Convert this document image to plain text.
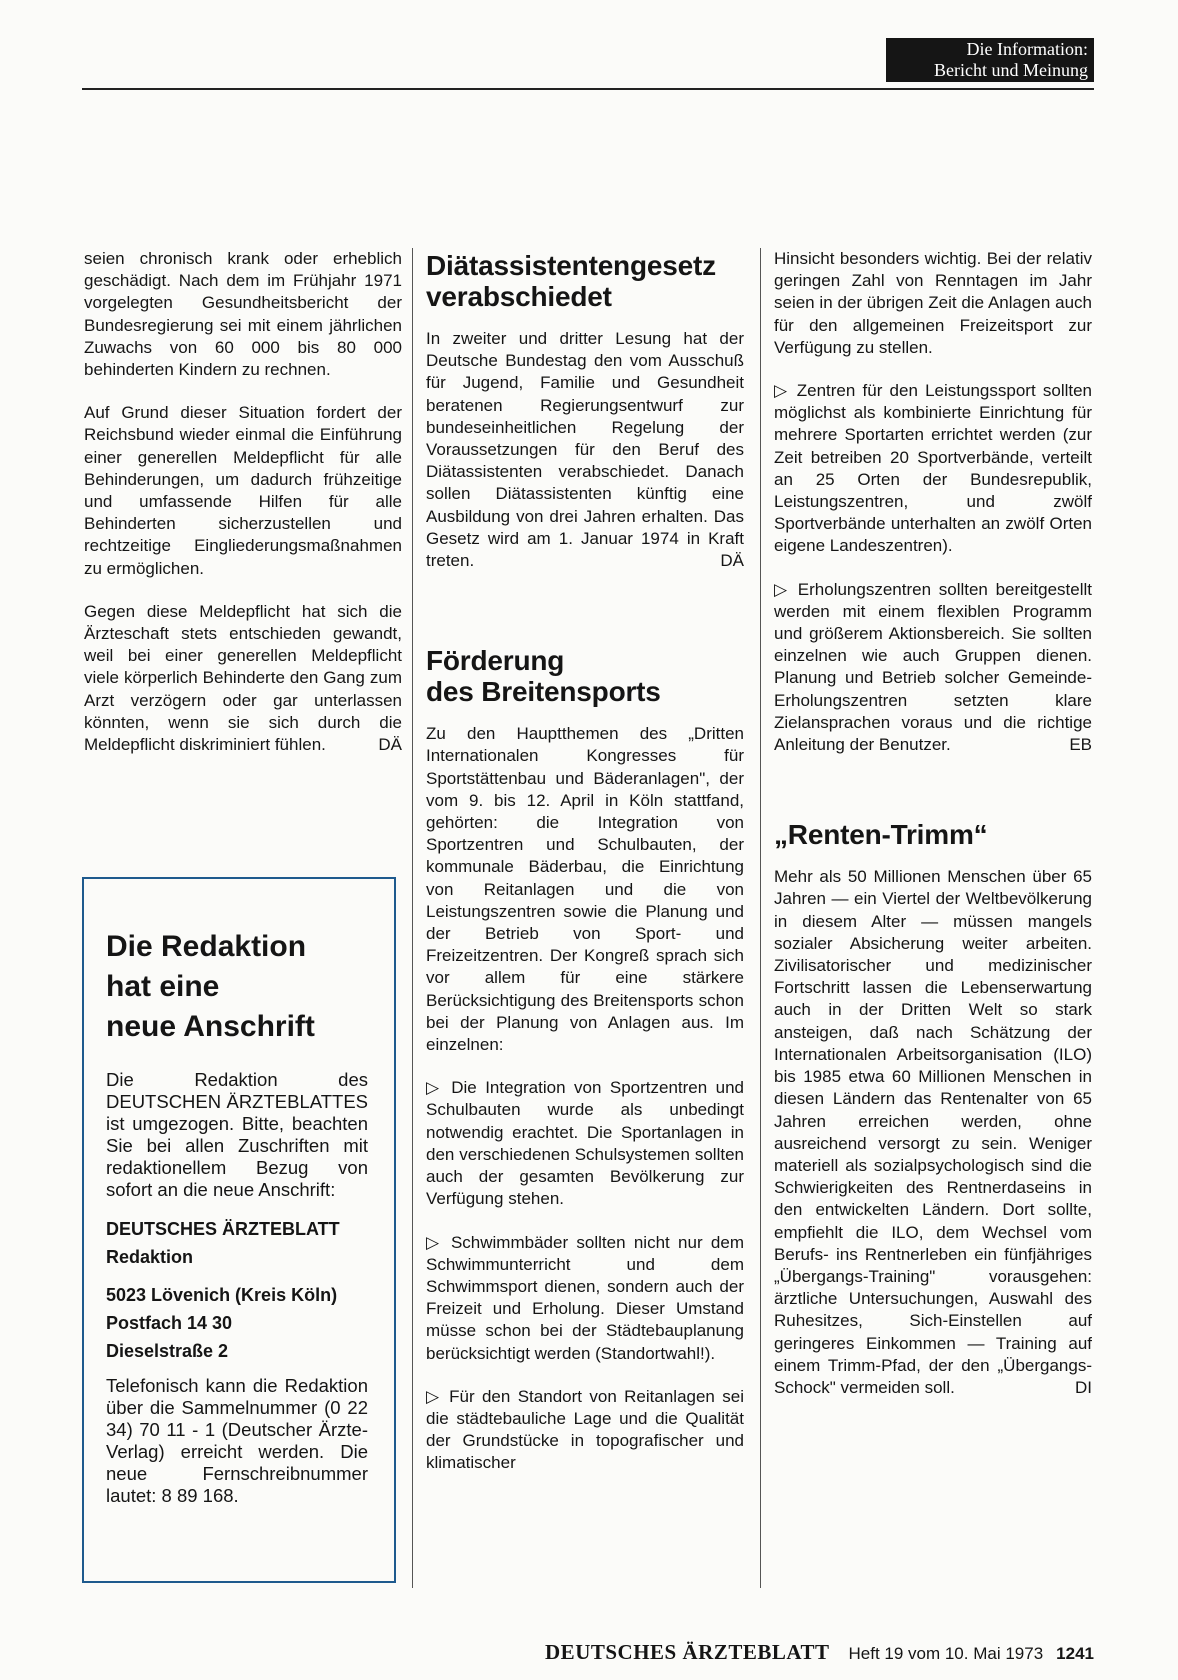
Die Information:
Bericht und Meinung

seien chronisch krank oder erheblich geschädigt. Nach dem im Frühjahr 1971 vorgelegten Gesundheitsbericht der Bundesregierung sei mit einem jährlichen Zuwachs von 60 000 bis 80 000 behinderten Kindern zu rechnen.

Auf Grund dieser Situation fordert der Reichsbund wieder einmal die Einführung einer generellen Meldepflicht für alle Behinderungen, um dadurch frühzeitige und umfassende Hilfen für alle Behinderten sicherzustellen und rechtzeitige Eingliederungsmaßnahmen zu ermöglichen.

Gegen diese Meldepflicht hat sich die Ärzteschaft stets entschieden gewandt, weil bei einer generellen Meldepflicht viele körperlich Behinderte den Gang zum Arzt verzögern oder gar unterlassen könnten, wenn sie sich durch die Meldepflicht diskriminiert fühlen.	DÄ

Die Redaktion
hat eine
neue Anschrift

Die Redaktion des DEUTSCHEN ÄRZTEBLATTES ist umgezogen. Bitte, beachten Sie bei allen Zuschriften mit redaktionellem Bezug von sofort an die neue Anschrift:

DEUTSCHES ÄRZTEBLATT
Redaktion
5023 Lövenich (Kreis Köln)
Postfach 14 30
Dieselstraße 2

Telefonisch kann die Redaktion über die Sammelnummer (0 22 34) 70 11 - 1 (Deutscher Ärzte-Verlag) erreicht werden. Die neue Fernschreibnummer lautet: 8 89 168.

Diätassistentengesetz
verabschiedet

In zweiter und dritter Lesung hat der Deutsche Bundestag den vom Ausschuß für Jugend, Familie und Gesundheit beratenen Regierungsentwurf zur bundeseinheitlichen Regelung der Voraussetzungen für den Beruf des Diätassistenten verabschiedet. Danach sollen Diätassistenten künftig eine Ausbildung von drei Jahren erhalten. Das Gesetz wird am 1. Januar 1974 in Kraft treten.	DÄ

Förderung
des Breitensports

Zu den Hauptthemen des „Dritten Internationalen Kongresses für Sportstättenbau und Bäderanlagen", der vom 9. bis 12. April in Köln stattfand, gehörten: die Integration von Sportzentren und Schulbauten, der kommunale Bäderbau, die Einrichtung von Reitanlagen und die von Leistungszentren sowie die Planung und der Betrieb von Sport- und Freizeitzentren. Der Kongreß sprach sich vor allem für eine stärkere Berücksichtigung des Breitensports schon bei der Planung von Anlagen aus. Im einzelnen:

▷ Die Integration von Sportzentren und Schulbauten wurde als unbedingt notwendig erachtet. Die Sportanlagen in den verschiedenen Schulsystemen sollten auch der gesamten Bevölkerung zur Verfügung stehen.

▷ Schwimmbäder sollten nicht nur dem Schwimmunterricht und dem Schwimmsport dienen, sondern auch der Freizeit und Erholung. Dieser Umstand müsse schon bei der Städtebauplanung berücksichtigt werden (Standortwahl!).

▷ Für den Standort von Reitanlagen sei die städtebauliche Lage und die Qualität der Grundstücke in topografischer und klimatischer

Hinsicht besonders wichtig. Bei der relativ geringen Zahl von Renntagen im Jahr seien in der übrigen Zeit die Anlagen auch für den allgemeinen Freizeitsport zur Verfügung zu stellen.

▷ Zentren für den Leistungssport sollten möglichst als kombinierte Einrichtung für mehrere Sportarten errichtet werden (zur Zeit betreiben 20 Sportverbände, verteilt an 25 Orten der Bundesrepublik, Leistungszentren, und zwölf Sportverbände unterhalten an zwölf Orten eigene Landeszentren).

▷ Erholungszentren sollten bereitgestellt werden mit einem flexiblen Programm und größerem Aktionsbereich. Sie sollten einzelnen wie auch Gruppen dienen. Planung und Betrieb solcher Gemeinde-Erholungszentren setzten klare Zielansprachen voraus und die richtige Anleitung der Benutzer.	EB

„Renten-Trimm“

Mehr als 50 Millionen Menschen über 65 Jahren — ein Viertel der Weltbevölkerung in diesem Alter — müssen mangels sozialer Absicherung weiter arbeiten. Zivilisatorischer und medizinischer Fortschritt lassen die Lebenserwartung auch in der Dritten Welt so stark ansteigen, daß nach Schätzung der Internationalen Arbeitsorganisation (ILO) bis 1985 etwa 60 Millionen Menschen in diesen Ländern das Rentenalter von 65 Jahren erreichen werden, ohne ausreichend versorgt zu sein. Weniger materiell als sozialpsychologisch sind die Schwierigkeiten des Rentnerdaseins in den entwickelten Ländern. Dort sollte, empfiehlt die ILO, dem Wechsel vom Berufs- ins Rentnerleben ein fünfjähriges „Übergangs-Training" vorausgehen: ärztliche Untersuchungen, Auswahl des Ruhesitzes, Sich-Einstellen auf geringeres Einkommen — Training auf einem Trimm-Pfad, der den „Übergangs-Schock" vermeiden soll.	DI

DEUTSCHES ÄRZTEBLATT Heft 19 vom 10. Mai 1973 1241
